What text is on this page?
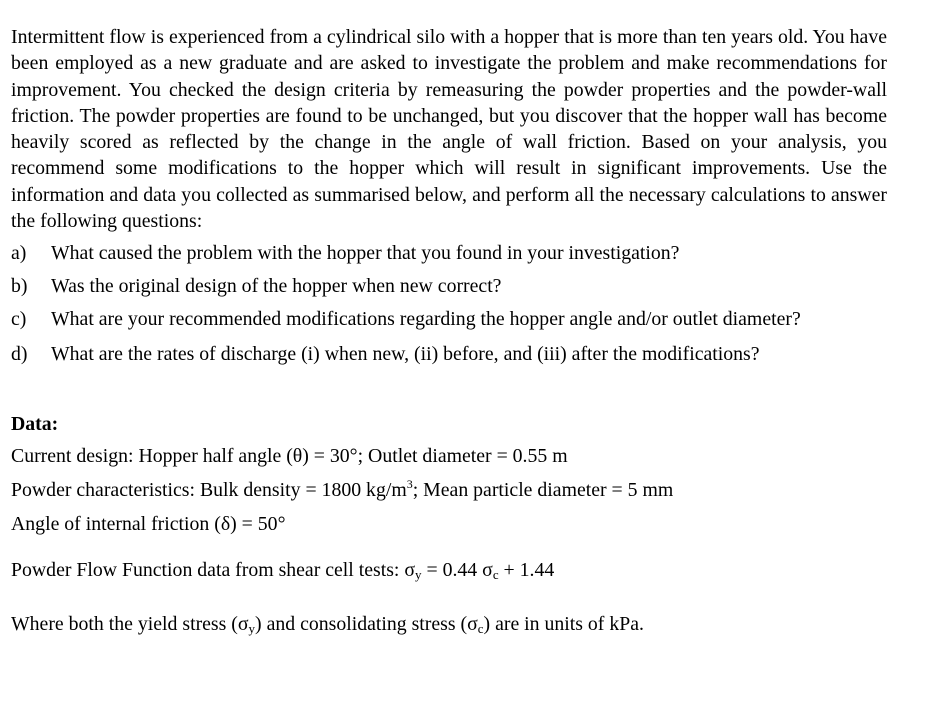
Intermittent flow is experienced from a cylindrical silo with a hopper that is more than ten years old. You have been employed as a new graduate and are asked to investigate the problem and make recommendations for improvement. You checked the design criteria by remeasuring the powder properties and the powder-wall friction. The powder properties are found to be unchanged, but you discover that the hopper wall has become heavily scored as reflected by the change in the angle of wall friction. Based on your analysis, you recommend some modifications to the hopper which will result in significant improvements. Use the information and data you collected as summarised below, and perform all the necessary calculations to answer the following questions:

a)	What caused the problem with the hopper that you found in your investigation?
b)	Was the original design of the hopper when new correct?
c)	What are your recommended modifications regarding the hopper angle and/or outlet diameter?
d)	What are the rates of discharge (i) when new, (ii) before, and (iii) after the modifications?

Data:

Current design: Hopper half angle (θ) = 30°; Outlet diameter = 0.55 m

Powder characteristics: Bulk density = 1800 $kg/m^3$; Mean particle diameter = 5 mm

Angle of internal friction (δ) = 50°

Powder Flow Function data from shear cell tests: $\sigma_y = 0.44$ $\sigma_c + 1.44$

Where both the yield stress $(\sigma_y)$ and consolidating stress $(\sigma_c)$ are in units of kPa.
